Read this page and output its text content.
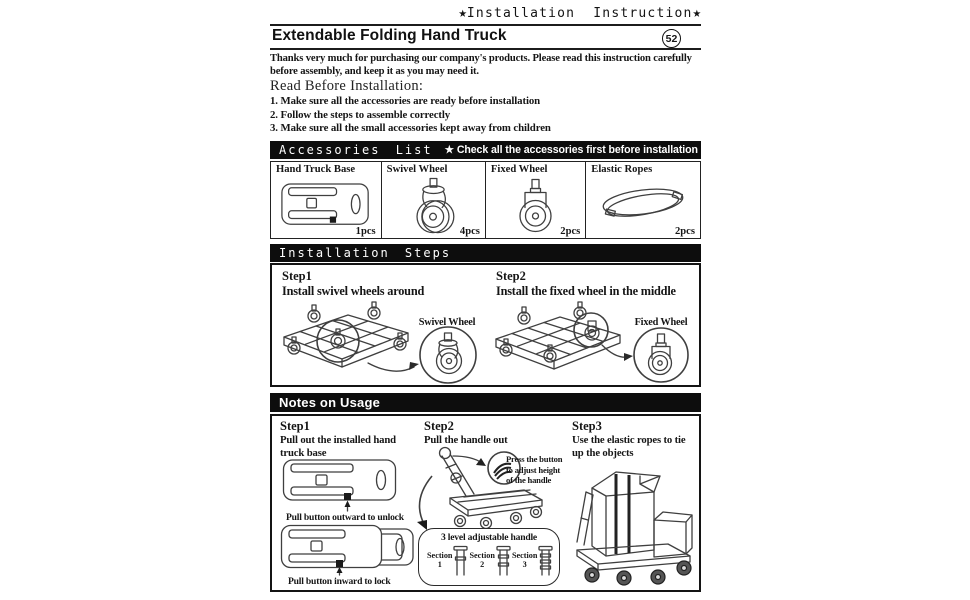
★Installation  Instruction★
Extendable Folding Hand Truck	52
Thanks very much for purchasing our company's products. Please read this instruction carefully before assembly, and keep it as you may need it.
Read Before Installation:
1. Make sure all the accessories are ready before installation
2. Follow the steps to assemble correctly
3. Make sure all the small accessories kept away from children
Accessories List ★ Check all the accessories first before installation
Hand Truck Base
1pcs
Swivel Wheel
4pcs
Fixed Wheel
2pcs
Elastic Ropes
2pcs
Installation Steps
Step1
Install swivel wheels around
Swivel Wheel
Step2
Install the fixed wheel in the middle
Fixed Wheel
Notes on Usage
Step1
Pull out the installed hand truck base
Pull button outward to unlock
Pull button inward to lock
Step2
Pull the handle out
Press the button to adjust height of the handle
3 level adjustable handle
Section
1
Section
2
Section
3
Step3
Use the elastic ropes to tie up the objects
